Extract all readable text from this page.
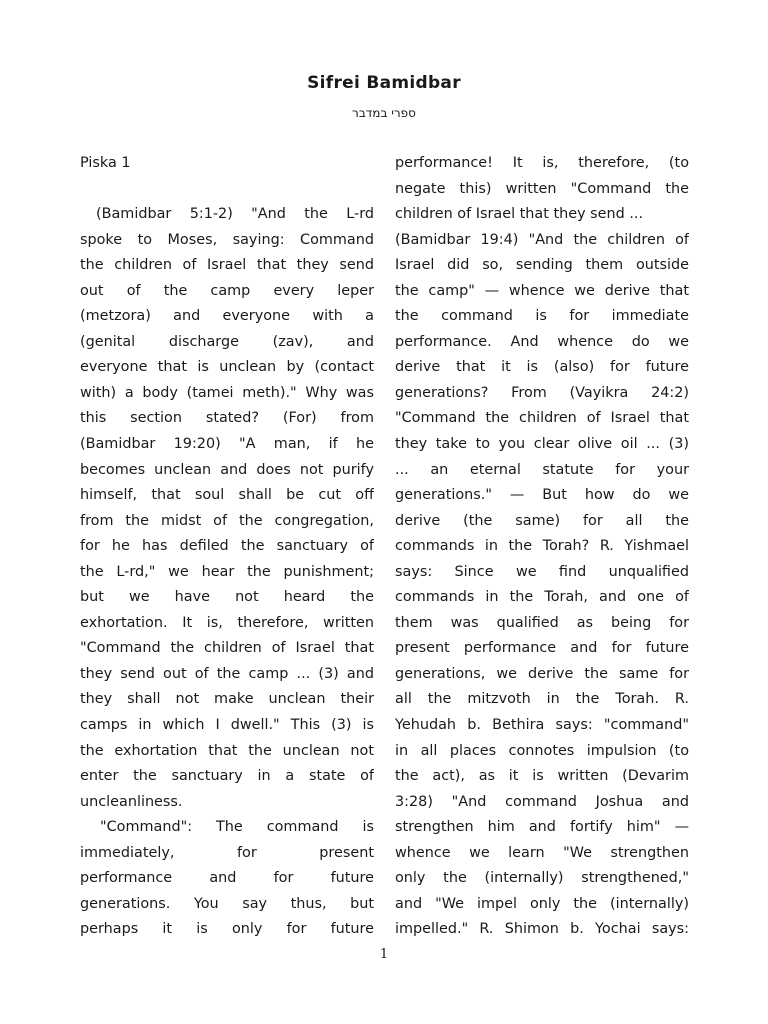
Sifrei Bamidbar
ספרי במדבר
Piska 1
(Bamidbar 5:1-2) "And the L-rd
spoke to Moses, saying: Command
the children of Israel that they send
out of the camp every leper
(metzora) and everyone with a
(genital discharge (zav), and
everyone that is unclean by (contact
with) a body (tamei meth)." Why was
this section stated? (For) from
(Bamidbar 19:20) "A man, if he
becomes unclean and does not purify
himself, that soul shall be cut off
from the midst of the congregation,
for he has defiled the sanctuary of
the L-rd," we hear the punishment;
but we have not heard the
exhortation. It is, therefore, written
"Command the children of Israel that
they send out of the camp ... (3) and
they shall not make unclean their
camps in which I dwell." This (3) is
the exhortation that the unclean not
enter the sanctuary in a state of
uncleanliness.
"Command": The command is
immediately, for present
performance and for future
generations. You say thus, but
perhaps it is only for future
performance! It is, therefore, (to
negate this) written "Command the
children of Israel that they send ...
(Bamidbar 19:4) "And the children of
Israel did so, sending them outside
the camp" — whence we derive that
the command is for immediate
performance. And whence do we
derive that it is (also) for future
generations? From (Vayikra 24:2)
"Command the children of Israel that
they take to you clear olive oil ... (3)
... an eternal statute for your
generations." — But how do we
derive (the same) for all the
commands in the Torah? R. Yishmael
says: Since we find unqualified
commands in the Torah, and one of
them was qualified as being for
present performance and for future
generations, we derive the same for
all the mitzvoth in the Torah. R.
Yehudah b. Bethira says: "command"
in all places connotes impulsion (to
the act), as it is written (Devarim
3:28) "And command Joshua and
strengthen him and fortify him" —
whence we learn "We strengthen
only the (internally) strengthened,"
and "We impel only the (internally)
impelled." R. Shimon b. Yochai says:
1
